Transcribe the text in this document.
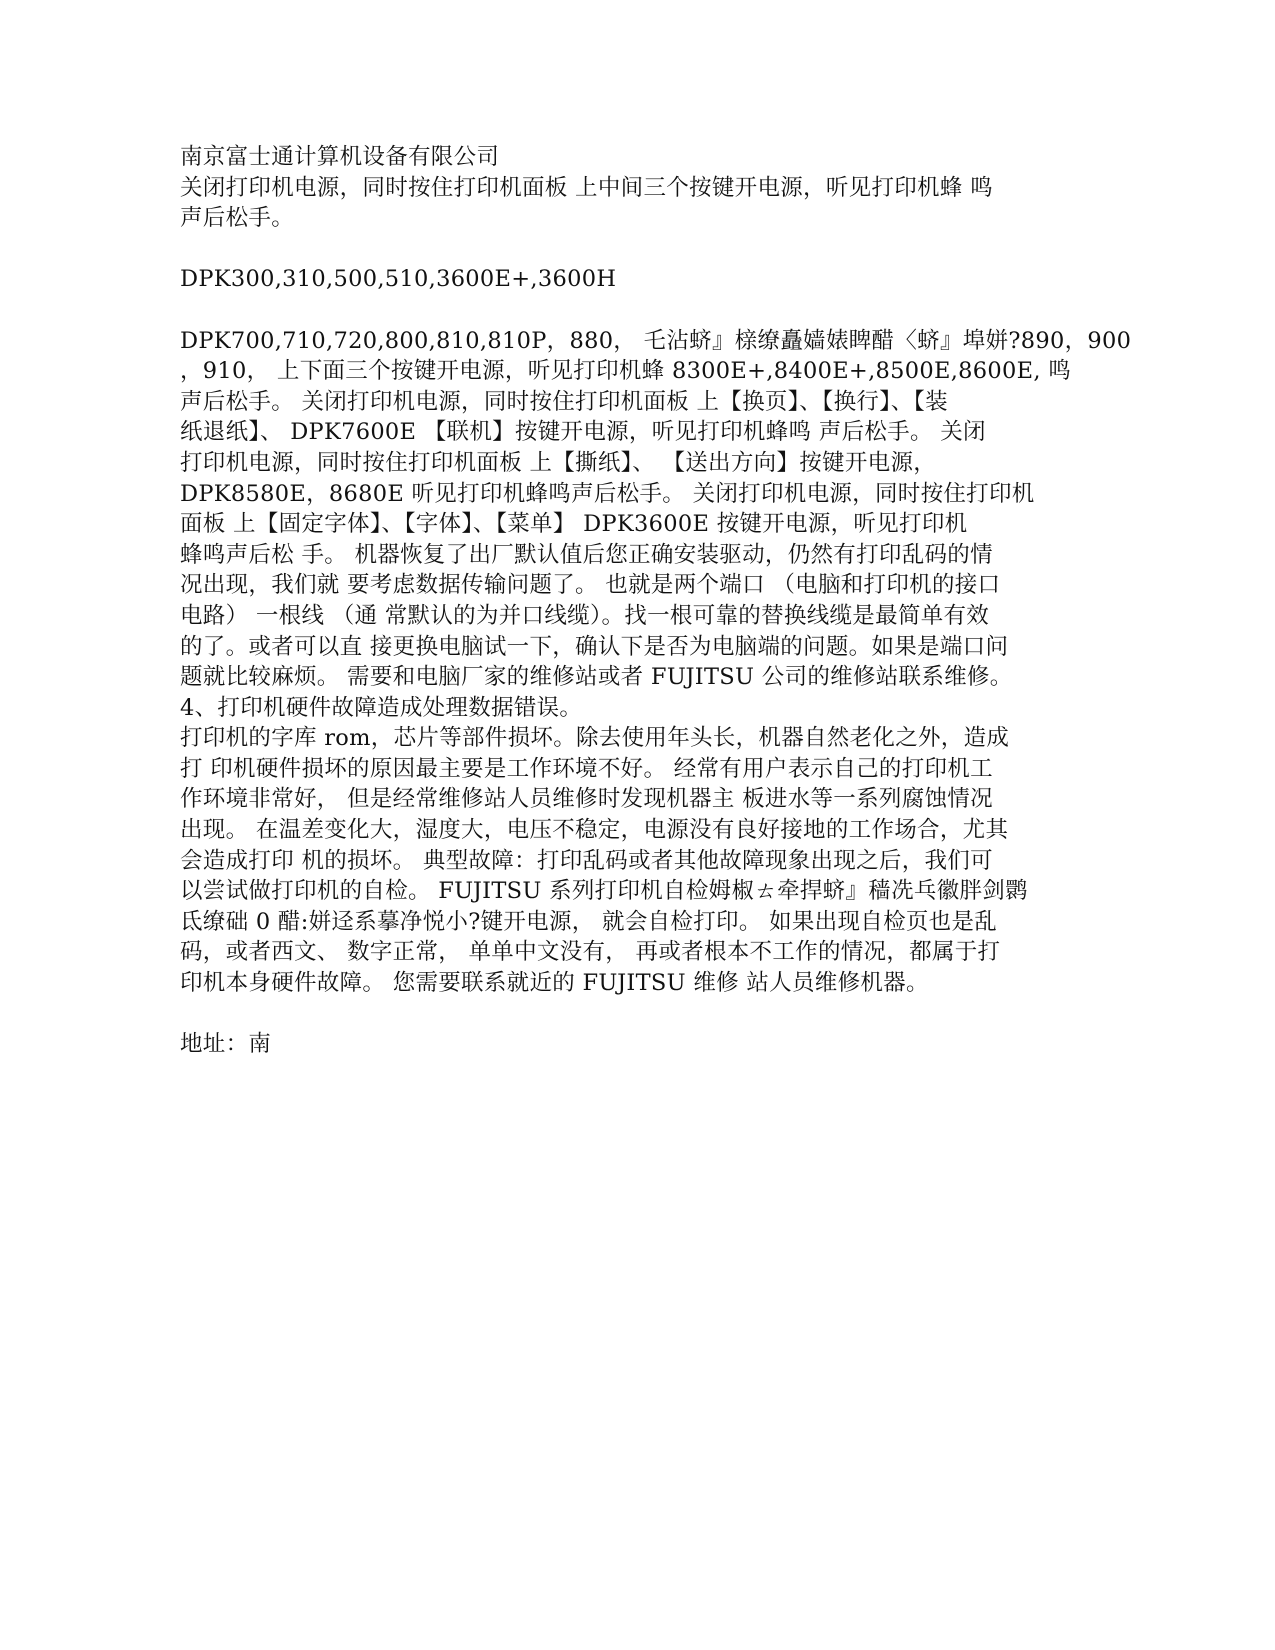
南京富士通计算机设备有限公司
关闭打印机电源，同时按住打印机面板 上中间三个按键开电源，听见打印机蜂 鸣
声后松手。
DPK300,310,500,510,3600E+,3600H
DPK700,710,720,800,810,810P，880， 乇沾蛴』榇缭矗嫱婊睥醋〈蛴』埠姘?890，900
，910， 上下面三个按键开电源，听见打印机蜂 8300E+,8400E+,8500E,8600E, 鸣
声后松手。 关闭打印机电源，同时按住打印机面板 上【换页】、【换行】、【装
纸退纸】、 DPK7600E 【联机】按键开电源，听见打印机蜂鸣 声后松手。 关闭
打印机电源，同时按住打印机面板 上【撕纸】、 【送出方向】按键开电源，
DPK8580E，8680E 听见打印机蜂鸣声后松手。 关闭打印机电源，同时按住打印机
面板 上【固定字体】、【字体】、【菜单】 DPK3600E 按键开电源，听见打印机
蜂鸣声后松 手。 机器恢复了出厂默认值后您正确安装驱动，仍然有打印乱码的情
况出现，我们就 要考虑数据传输问题了。 也就是两个端口 （电脑和打印机的接口
电路） 一根线 （通 常默认的为并口线缆）。找一根可靠的替换线缆是最简单有效
的了。或者可以直 接更换电脑试一下，确认下是否为电脑端的问题。如果是端口问
题就比较麻烦。 需要和电脑厂家的维修站或者 FUJITSU 公司的维修站联系维修。
4、打印机硬件故障造成处理数据错误。
打印机的字库 rom，芯片等部件损坏。除去使用年头长，机器自然老化之外，造成
打 印机硬件损坏的原因最主要是工作环境不好。 经常有用户表示自己的打印机工
作环境非常好， 但是经常维修站人员维修时发现机器主 板进水等一系列腐蚀情况
出现。 在温差变化大，湿度大，电压不稳定，电源没有良好接地的工作场合，尤其
会造成打印 机的损坏。 典型故障：打印乱码或者其他故障现象出现之后，我们可
以尝试做打印机的自检。 FUJITSU 系列打印机自检姆椒ㄊ牵捍蛴』穑冼乓徽胖剑鹮
氐缭础 0 醋:姘迳系摹净悦小?键开电源， 就会自检打印。 如果出现自检页也是乱
码，或者西文、 数字正常， 单单中文没有， 再或者根本不工作的情况，都属于打
印机本身硬件故障。 您需要联系就近的 FUJITSU 维修 站人员维修机器。
地址：南
